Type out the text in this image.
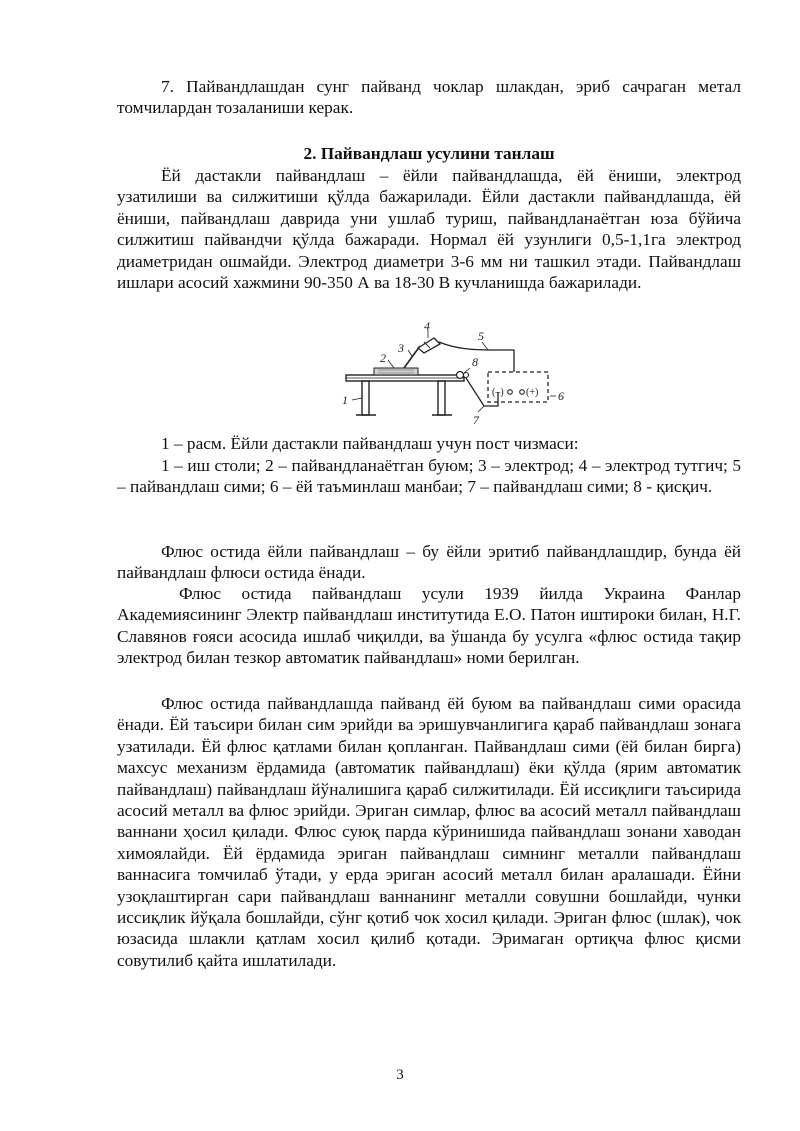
7. Пайвандлашдан сунг пайванд чоклар шлакдан, эриб сачраган метал томчилардан тозаланиши керак.
2. Пайвандлаш усулини танлаш
Ёй дастакли пайвандлаш – ёйли пайвандлашда, ёй ёниши, электрод узатилиши ва силжитиши қўлда бажарилади. Ёйли дастакли пайвандлашда, ёй ёниши, пайвандлаш даврида уни ушлаб туриш, пайвандланаётган юза бўйича силжитиш пайвандчи қўлда бажаради. Нормал ёй узунлиги 0,5-1,1га электрод диаметридан ошмайди. Электрод диаметри 3-6 мм ни ташкил этади. Пайвандлаш ишлари асосий хажмини 90-350 А ва 18-30 В кучланишда бажарилади.
1
2
3
4
5
8
6
7
(–) (+)
1 – расм. Ёйли дастакли пайвандлаш учун пост чизмаси:
1 – иш столи; 2 – пайвандланаётган буюм; 3 – электрод; 4 – электрод тутгич; 5 – пайвандлаш сими; 6 – ёй таъминлаш манбаи; 7 – пайвандлаш сими; 8 - қисқич.
Флюс остида ёйли пайвандлаш – бу ёйли эритиб пайвандлашдир, бунда ёй пайвандлаш флюси остида ёнади.
Флюс остида пайвандлаш усули 1939 йилда Украина Фанлар Академиясининг Электр пайвандлаш институтида Е.О. Патон иштироки билан, Н.Г. Славянов ғояси асосида ишлаб чиқилди, ва ўшанда бу усулга «флюс остида тақир электрод билан тезкор автоматик пайвандлаш» номи берилган.
Флюс остида пайвандлашда пайванд ёй буюм ва пайвандлаш сими орасида ёнади. Ёй таъсири билан сим эрийди ва эришувчанлигига қараб пайвандлаш зонага узатилади. Ёй флюс қатлами билан қопланган. Пайвандлаш сими (ёй билан бирга) махсус механизм ёрдамида (автоматик пайвандлаш) ёки қўлда (ярим автоматик пайвандлаш) пайвандлаш йўналишига қараб силжитилади. Ёй иссиқлиги таъсирида асосий металл ва флюс эрийди. Эриган симлар, флюс ва асосий металл пайвандлаш ваннани ҳосил қилади. Флюс суюқ парда кўринишида пайвандлаш зонани хаводан химоялайди. Ёй ёрдамида эриган пайвандлаш симнинг металли пайвандлаш ваннасига томчилаб ўтади, у ерда эриган асосий металл билан аралашади. Ёйни узоқлаштирган сари пайвандлаш ваннанинг металли совушни бошлайди, чунки иссиқлик йўқала бошлайди, сўнг қотиб чок хосил қилади. Эриган флюс (шлак), чок юзасида шлакли қатлам хосил қилиб қотади. Эримаган ортиқча флюс қисми совутилиб қайта ишлатилади.
3
